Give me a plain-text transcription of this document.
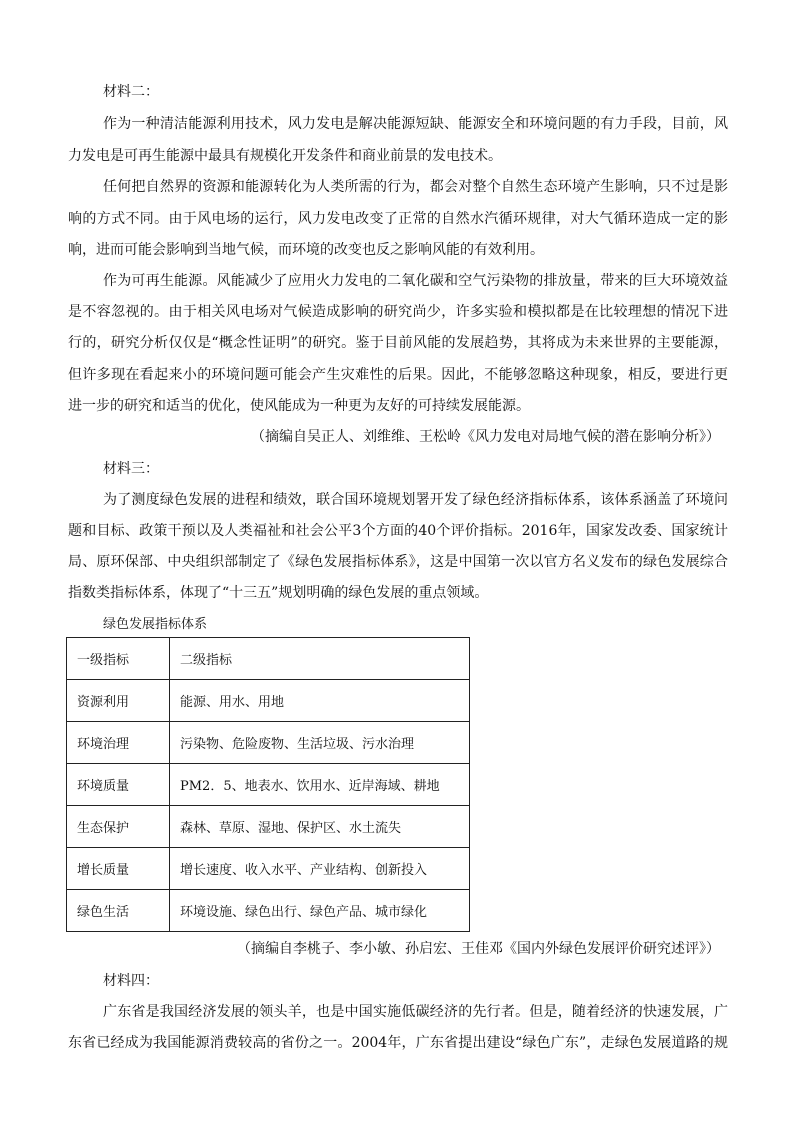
材料二：
作为一种清洁能源利用技术，风力发电是解决能源短缺、能源安全和环境问题的有力手段，目前，风
力发电是可再生能源中最具有规模化开发条件和商业前景的发电技术。
任何把自然界的资源和能源转化为人类所需的行为，都会对整个自然生态环境产生影响，只不过是影
响的方式不同。由于风电场的运行，风力发电改变了正常的自然水汽循环规律，对大气循环造成一定的影
响，进而可能会影响到当地气候，而环境的改变也反之影响风能的有效利用。
作为可再生能源。风能减少了应用火力发电的二氧化碳和空气污染物的排放量，带来的巨大环境效益
是不容忽视的。由于相关风电场对气候造成影响的研究尚少，许多实验和模拟都是在比较理想的情况下进
行的，研究分析仅仅是“概念性证明”的研究。鉴于目前风能的发展趋势，其将成为未来世界的主要能源，
但许多现在看起来小的环境问题可能会产生灾难性的后果。因此，不能够忽略这种现象，相反，要进行更
进一步的研究和适当的优化，使风能成为一种更为友好的可持续发展能源。
（摘编自吴正人、刘维维、王松岭《风力发电对局地气候的潜在影响分析》）
材料三：
为了测度绿色发展的进程和绩效，联合国环境规划署开发了绿色经济指标体系，该体系涵盖了环境问
题和目标、政策干预以及人类福祉和社会公平3个方面的40个评价指标。2016年，国家发改委、国家统计
局、原环保部、中央组织部制定了《绿色发展指标体系》，这是中国第一次以官方名义发布的绿色发展综合
指数类指标体系，体现了“十三五”规划明确的绿色发展的重点领域。
绿色发展指标体系
一级指标	二级指标
资源利用	能源、用水、用地
环境治理	污染物、危险废物、生活垃圾、污水治理
环境质量	PM2．5、地表水、饮用水、近岸海域、耕地
生态保护	森林、草原、湿地、保护区、水土流失
增长质量	增长速度、收入水平、产业结构、创新投入
绿色生活	环境设施、绿色出行、绿色产品、城市绿化
（摘编自李桃子、李小敏、孙启宏、王佳邓《国内外绿色发展评价研究述评》）
材料四：
广东省是我国经济发展的领头羊，也是中国实施低碳经济的先行者。但是，随着经济的快速发展，广
东省已经成为我国能源消费较高的省份之一。2004年，广东省提出建设“绿色广东”，走绿色发展道路的规
